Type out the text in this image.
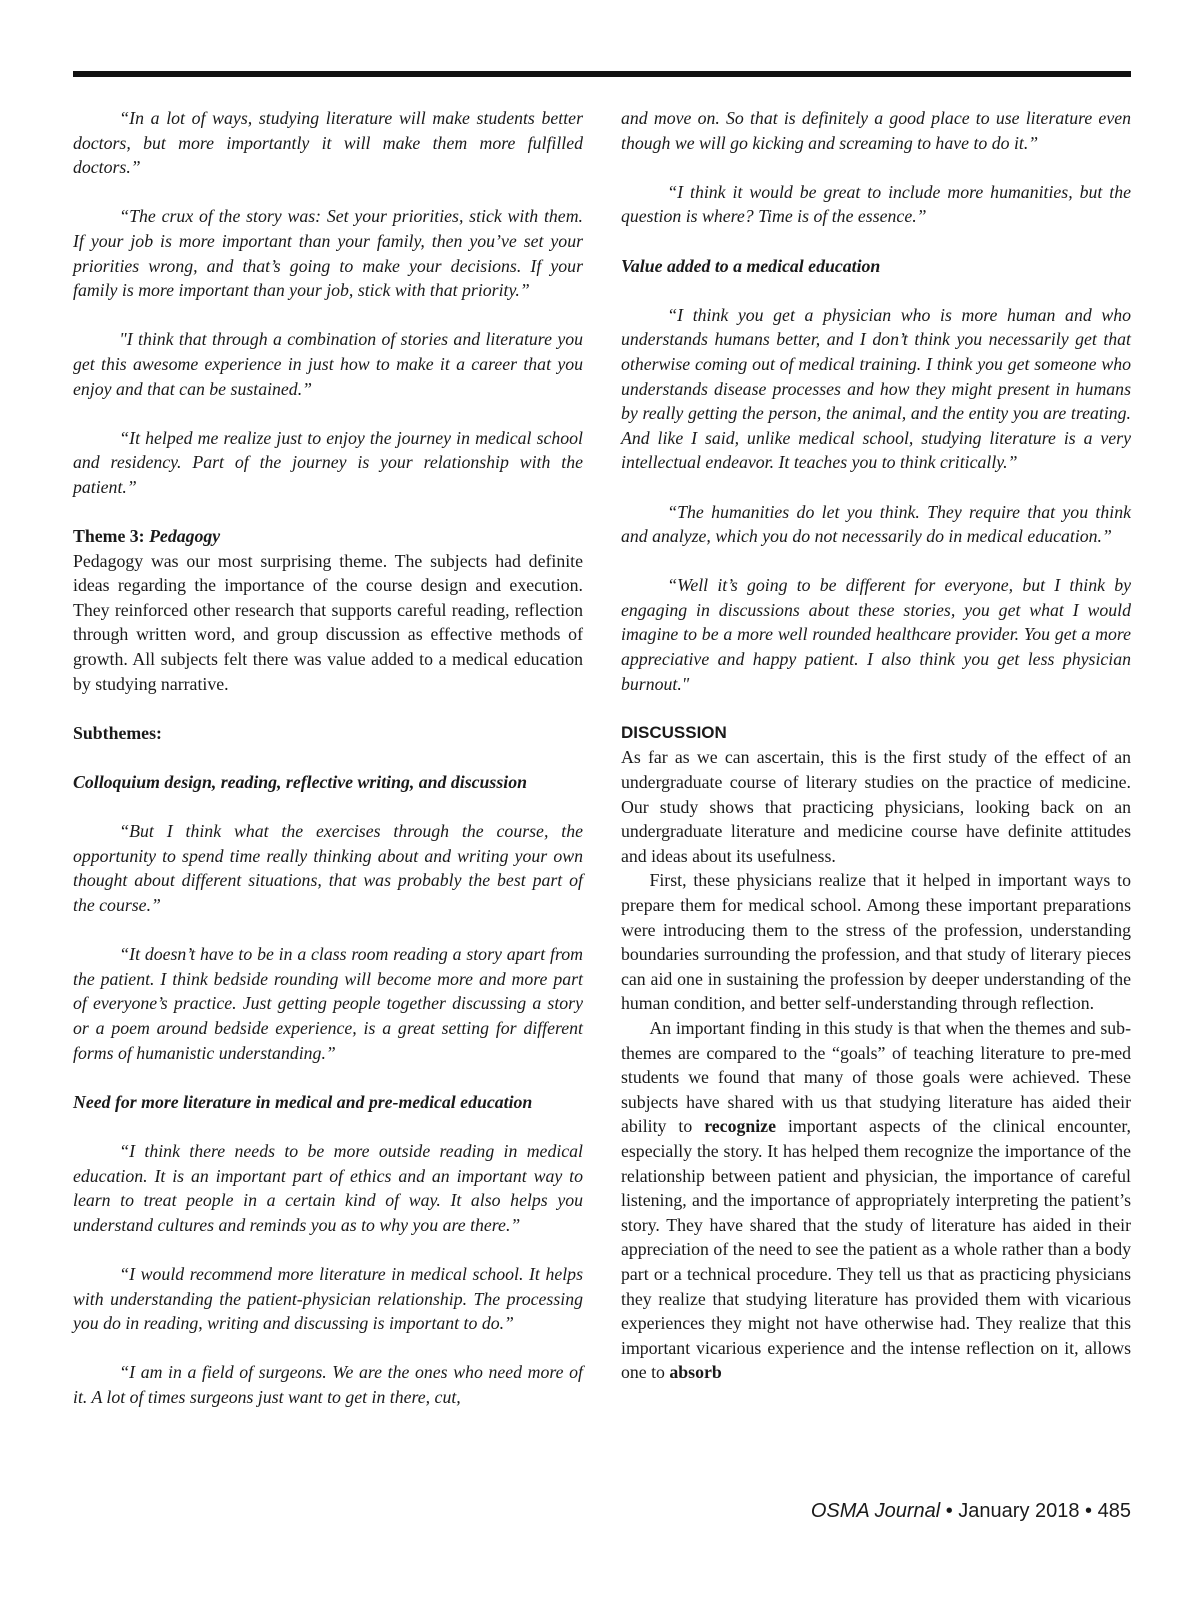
“In a lot of ways, studying literature will make students better doctors, but more importantly it will make them more fulfilled doctors.”

“The crux of the story was: Set your priorities, stick with them. If your job is more important than your family, then you’ve set your priorities wrong, and that’s going to make your decisions. If your family is more important than your job, stick with that priority.”

"I think that through a combination of stories and literature you get this awesome experience in just how to make it a career that you enjoy and that can be sustained.”

“It helped me realize just to enjoy the journey in medical school and residency. Part of the journey is your relationship with the patient.”

Theme 3: Pedagogy

Pedagogy was our most surprising theme. The subjects had definite ideas regarding the importance of the course design and execution. They reinforced other research that supports careful reading, reflection through written word, and group discussion as effective methods of growth. All subjects felt there was value added to a medical education by studying narrative.

Subthemes:

Colloquium design, reading, reflective writing, and discussion

“But I think what the exercises through the course, the opportunity to spend time really thinking about and writing your own thought about different situations, that was probably the best part of the course.”

“It doesn’t have to be in a class room reading a story apart from the patient. I think bedside rounding will become more and more part of everyone’s practice. Just getting people together discussing a story or a poem around bedside experience, is a great setting for different forms of humanistic understanding.”

Need for more literature in medical and pre-medical education

“I think there needs to be more outside reading in medical education. It is an important part of ethics and an important way to learn to treat people in a certain kind of way. It also helps you understand cultures and reminds you as to why you are there.”

“I would recommend more literature in medical school. It helps with understanding the patient-physician relationship. The processing you do in reading, writing and discussing is important to do.”

“I am in a field of surgeons. We are the ones who need more of it. A lot of times surgeons just want to get in there, cut,

and move on. So that is definitely a good place to use literature even though we will go kicking and screaming to have to do it.”

“I think it would be great to include more humanities, but the question is where? Time is of the essence.”

Value added to a medical education

“I think you get a physician who is more human and who understands humans better, and I don’t think you necessarily get that otherwise coming out of medical training. I think you get someone who understands disease processes and how they might present in humans by really getting the person, the animal, and the entity you are treating. And like I said, unlike medical school, studying literature is a very intellectual endeavor. It teaches you to think critically.”

“The humanities do let you think. They require that you think and analyze, which you do not necessarily do in medical education.”

“Well it’s going to be different for everyone, but I think by engaging in discussions about these stories, you get what I would imagine to be a more well rounded healthcare provider. You get a more appreciative and happy patient. I also think you get less physician burnout."

DISCUSSION

As far as we can ascertain, this is the first study of the effect of an undergraduate course of literary studies on the practice of medicine. Our study shows that practicing physicians, looking back on an undergraduate literature and medicine course have definite attitudes and ideas about its usefulness.

First, these physicians realize that it helped in important ways to prepare them for medical school. Among these important preparations were introducing them to the stress of the profession, understanding boundaries surrounding the profession, and that study of literary pieces can aid one in sustaining the profession by deeper understanding of the human condition, and better self-understanding through reflection.

An important finding in this study is that when the themes and sub-themes are compared to the “goals” of teaching literature to pre-med students we found that many of those goals were achieved. These subjects have shared with us that studying literature has aided their ability to recognize important aspects of the clinical encounter, especially the story. It has helped them recognize the importance of the relationship between patient and physician, the importance of careful listening, and the importance of appropriately interpreting the patient’s story. They have shared that the study of literature has aided in their appreciation of the need to see the patient as a whole rather than a body part or a technical procedure. They tell us that as practicing physicians they realize that studying literature has provided them with vicarious experiences they might not have otherwise had. They realize that this important vicarious experience and the intense reflection on it, allows one to absorb

OSMA Journal • January 2018 • 485
